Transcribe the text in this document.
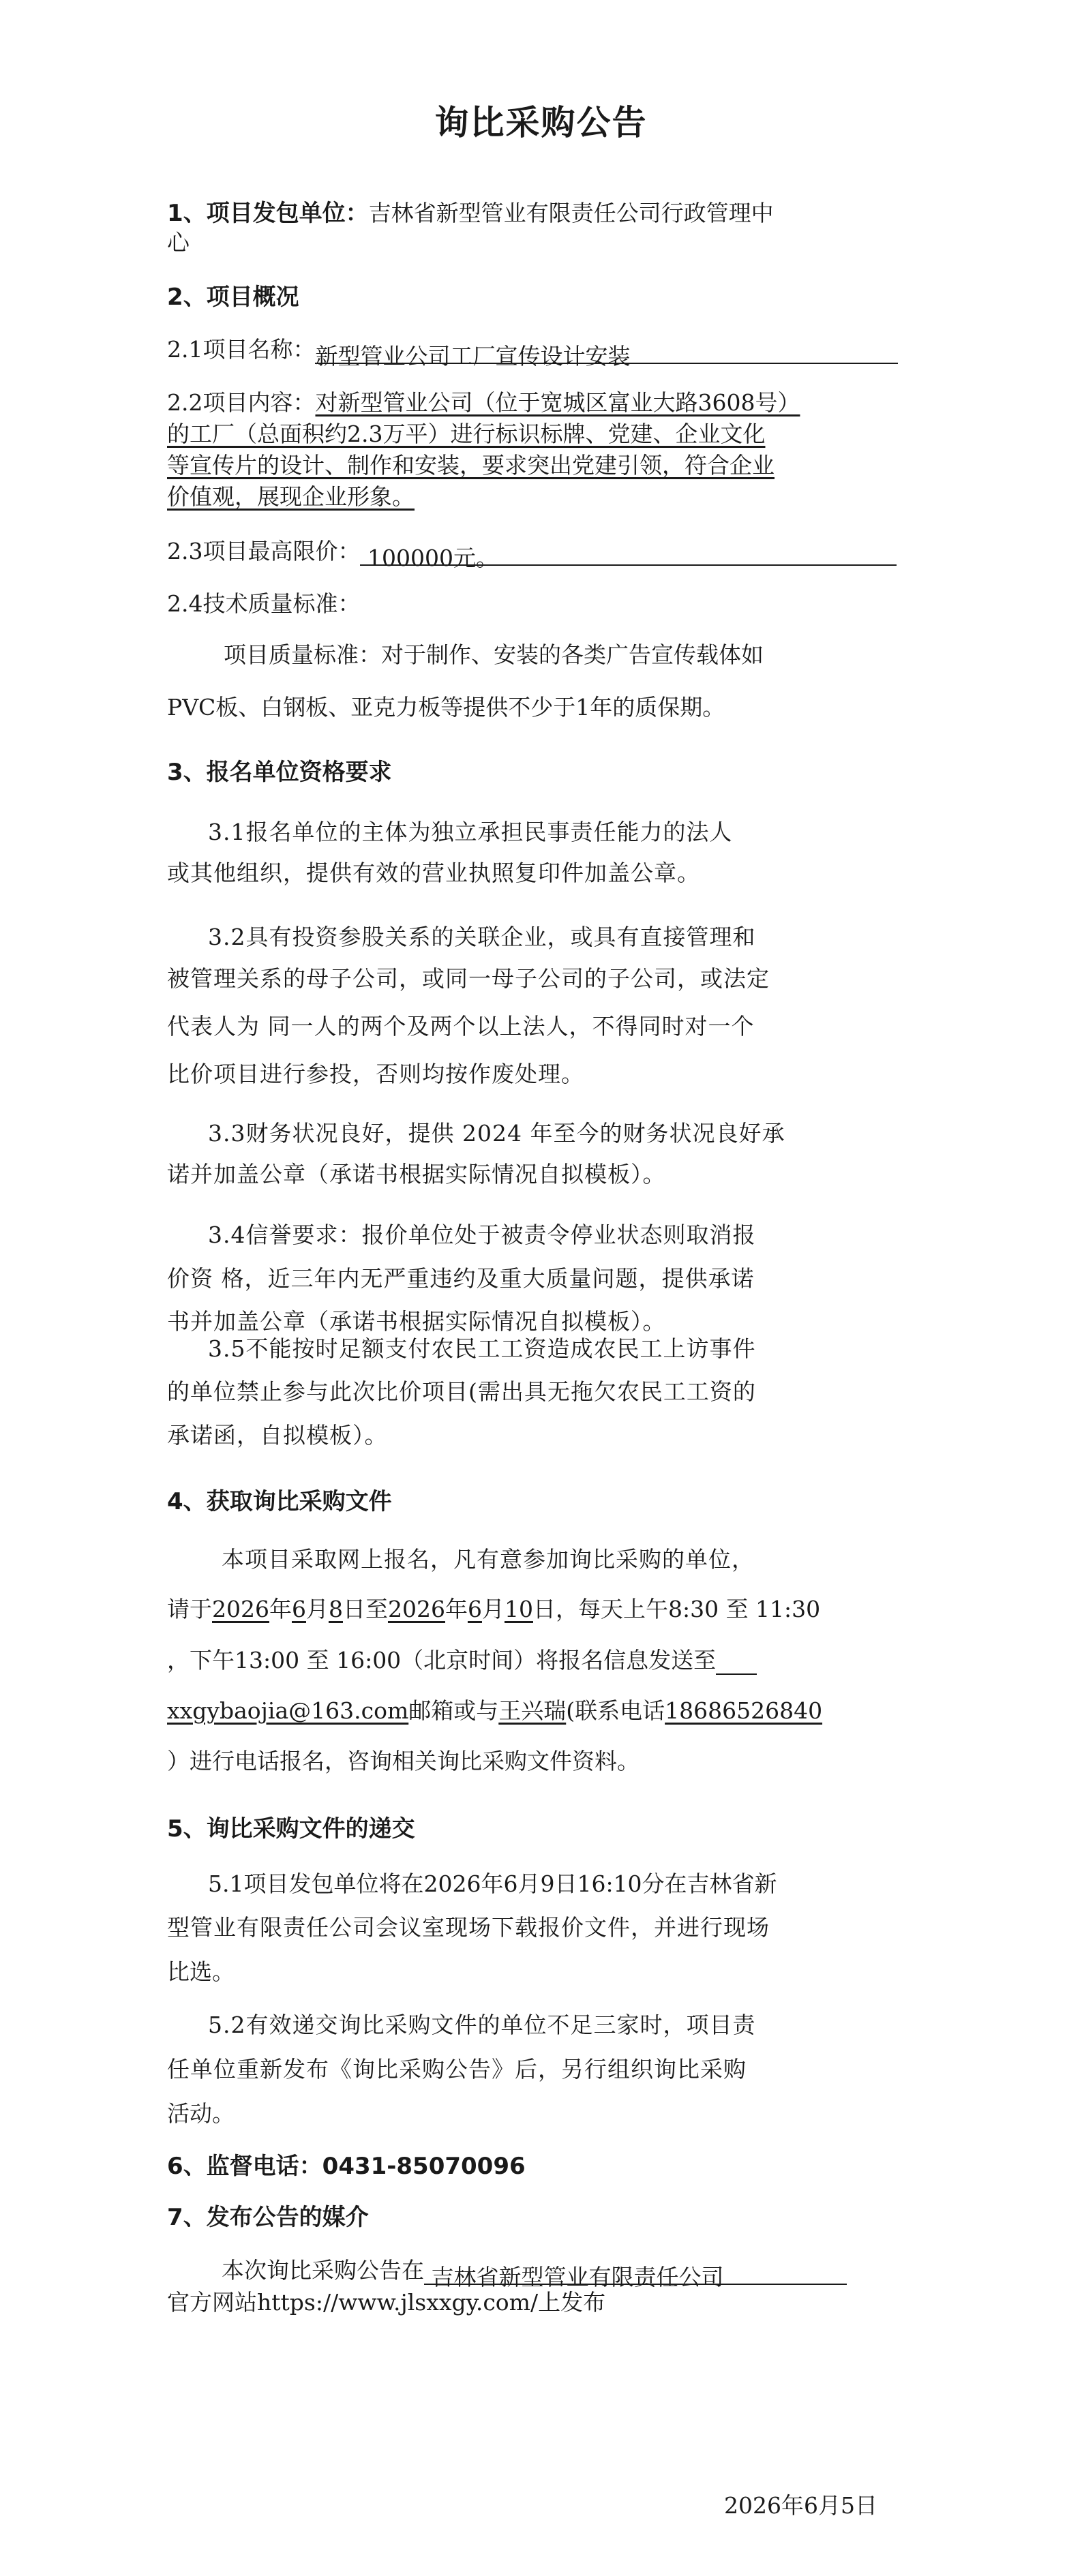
询比采购公告
1、项目发包单位：吉林省新型管业有限责任公司行政管理中
心
2、项目概况
2.1项目名称：新型管业公司工厂宣传设计安装
2.2项目内容：对新型管业公司（位于宽城区富业大路3608号）
的工厂（总面积约2.3万平）进行标识标牌、党建、企业文化
等宣传片的设计、制作和安装，要求突出党建引领，符合企业
价值观，展现企业形象。
2.3项目最高限价： 100000元。
2.4技术质量标准：
项目质量标准：对于制作、安装的各类广告宣传载体如
PVC板、白钢板、亚克力板等提供不少于1年的质保期。
3、报名单位资格要求
3.1报名单位的主体为独立承担民事责任能力的法人
或其他组织，提供有效的营业执照复印件加盖公章。
3.2具有投资参股关系的关联企业，或具有直接管理和
被管理关系的母子公司，或同一母子公司的子公司，或法定
代表人为 同一人的两个及两个以上法人，不得同时对一个
比价项目进行参投，否则均按作废处理。
3.3财务状况良好，提供 2024 年至今的财务状况良好承
诺并加盖公章（承诺书根据实际情况自拟模板）。
3.4信誉要求：报价单位处于被责令停业状态则取消报
价资 格，近三年内无严重违约及重大质量问题，提供承诺
书并加盖公章（承诺书根据实际情况自拟模板）。
3.5不能按时足额支付农民工工资造成农民工上访事件
的单位禁止参与此次比价项目(需出具无拖欠农民工工资的
承诺函，自拟模板）。
4、获取询比采购文件
本项目采取网上报名，凡有意参加询比采购的单位，
请于2026年6月8日至2026年6月10日，每天上午8:30 至 11:30
，下午13:00 至 16:00（北京时间）将报名信息发送至
xxgybaojia@163.com邮箱或与王兴瑞(联系电话18686526840
）进行电话报名，咨询相关询比采购文件资料。
5、询比采购文件的递交
5.1项目发包单位将在2026年6月9日16:10分在吉林省新
型管业有限责任公司会议室现场下载报价文件，并进行现场
比选。
5.2有效递交询比采购文件的单位不足三家时，项目责
任单位重新发布《询比采购公告》后，另行组织询比采购
活动。
6、监督电话：0431-85070096
7、发布公告的媒介
本次询比采购公告在 吉林省新型管业有限责任公司
官方网站https://www.jlsxxgy.com/上发布
2026年6月5日
